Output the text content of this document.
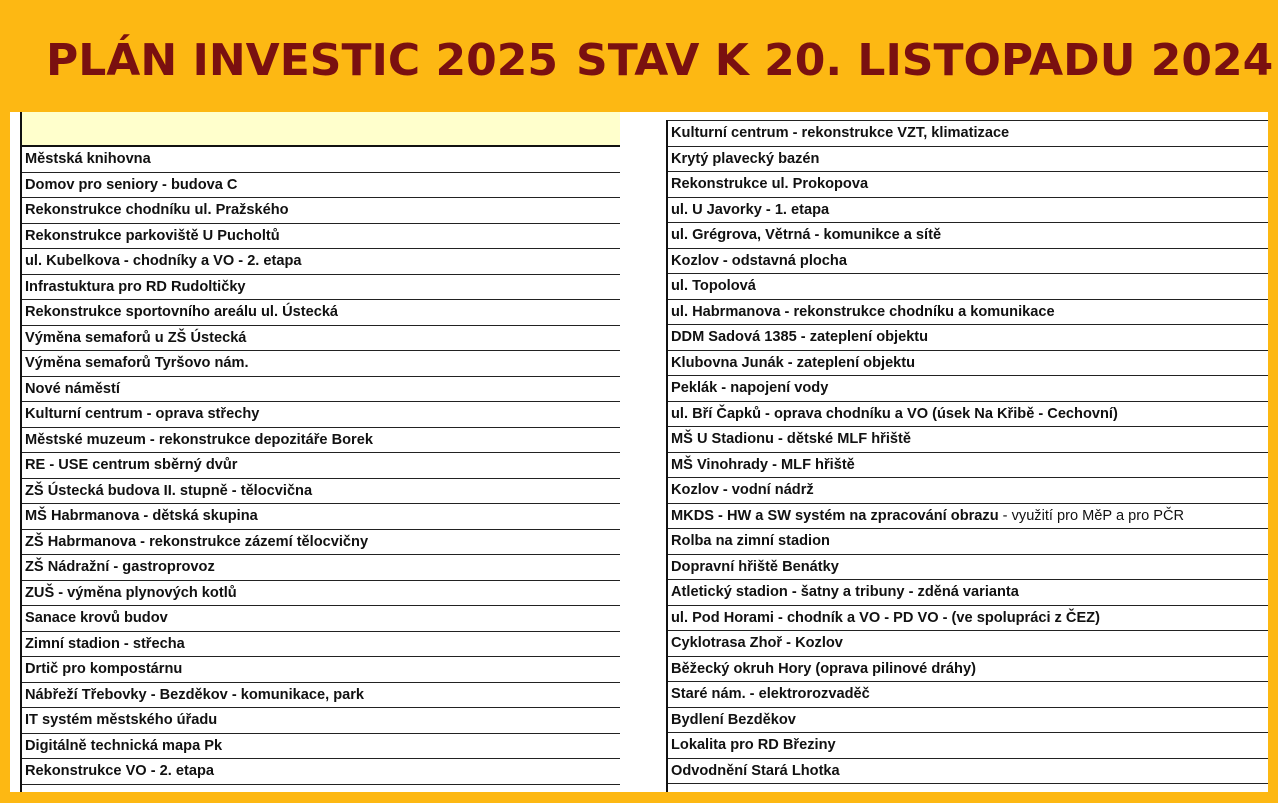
PLÁN INVESTIC 2025 STAV K 20. LISTOPADU 2024
Městská knihovna
Domov pro seniory - budova C
Rekonstrukce chodníku ul. Pražského
Rekonstrukce parkoviště U Pucholtů
ul. Kubelkova - chodníky a VO - 2. etapa
Infrastuktura pro RD Rudoltičky
Rekonstrukce sportovního areálu ul. Ústecká
Výměna semaforů u ZŠ Ústecká
Výměna semaforů Tyršovo nám.
Nové náměstí
Kulturní centrum - oprava střechy
Městské muzeum - rekonstrukce depozitáře Borek
RE - USE centrum sběrný dvůr
ZŠ Ústecká budova II. stupně - tělocvična
MŠ Habrmanova - dětská skupina
ZŠ Habrmanova - rekonstrukce zázemí tělocvičny
ZŠ Nádražní - gastroprovoz
ZUŠ - výměna plynových kotlů
Sanace krovů budov
Zimní stadion - střecha
Drtič pro kompostárnu
Nábřeží Třebovky - Bezděkov - komunikace, park
IT systém městského úřadu
Digitálně technická mapa Pk
Rekonstrukce VO - 2. etapa
Kulturní centrum - rekonstrukce VZT, klimatizace
Krytý plavecký bazén
Rekonstrukce ul. Prokopova
ul. U Javorky - 1. etapa
ul. Grégrova, Větrná - komunikce a sítě
Kozlov - odstavná plocha
ul. Topolová
ul. Habrmanova - rekonstrukce chodníku a komunikace
DDM Sadová 1385 - zateplení objektu
Klubovna Junák - zateplení objektu
Peklák - napojení vody
ul. Bří Čapků - oprava chodníku a VO (úsek Na Křibě - Cechovní)
MŠ U Stadionu - dětské MLF hřiště
MŠ Vinohrady - MLF hřiště
Kozlov - vodní nádrž
MKDS - HW a SW systém na zpracování obrazu - využití pro MěP a pro PČR
Rolba na zimní stadion
Dopravní hřiště Benátky
Atletický stadion - šatny a tribuny - zděná varianta
ul. Pod Horami - chodník a VO - PD VO - (ve spolupráci z ČEZ)
Cyklotrasa Zhoř - Kozlov
Běžecký okruh Hory (oprava pilinové dráhy)
Staré nám. - elektrorozvaděč
Bydlení Bezděkov
Lokalita pro RD Březiny
Odvodnění Stará Lhotka
